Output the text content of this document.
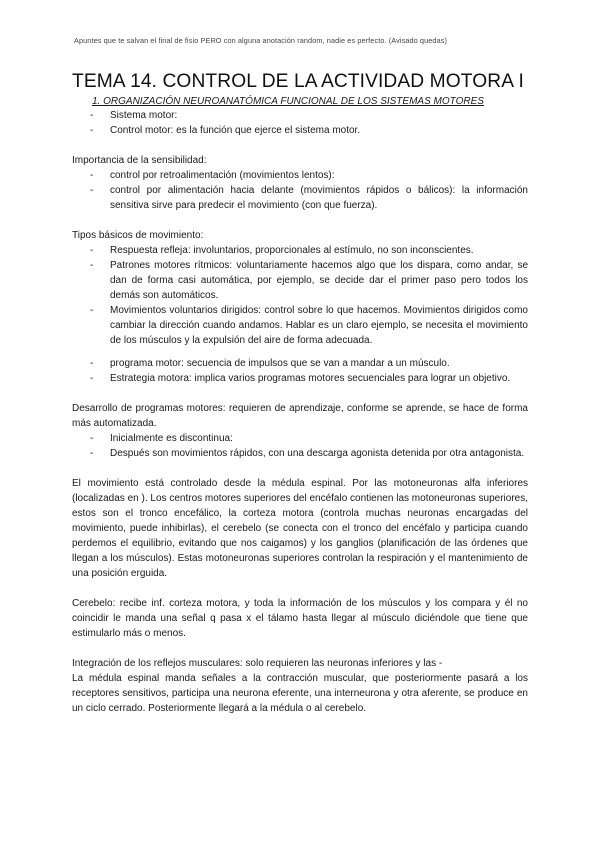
Apuntes que te salvan el final de fisio PERO con alguna anotación random, nadie es perfecto. (Avisado quedas)
TEMA 14. CONTROL DE LA ACTIVIDAD MOTORA I
1. ORGANIZACIÓN NEUROANATÓMICA FUNCIONAL DE LOS SISTEMAS MOTORES
- Sistema motor:
- Control motor: es la función que ejerce el sistema motor.

Importancia de la sensibilidad:

- control por retroalimentación (movimientos lentos):
- control por alimentación hacia delante (movimientos rápidos o bálicos): la información sensitiva sirve para predecir el movimiento (con que fuerza).

Tipos básicos de movimiento:

- Respuesta refleja: involuntarios, proporcionales al estímulo, no son inconscientes.
- Patrones motores rítmicos: voluntariamente hacemos algo que los dispara, como andar, se dan de forma casi automática, por ejemplo, se decide dar el primer paso pero todos los demás son automáticos.
- Movimientos voluntarios dirigidos: control sobre lo que hacemos. Movimientos dirigidos como cambiar la dirección cuando andamos. Hablar es un claro ejemplo, se necesita el movimiento de los músculos y la expulsión del aire de forma adecuada.
- programa motor: secuencia de impulsos que se van a mandar a un músculo.
- Estrategia motora: implica varios programas motores secuenciales para lograr un objetivo.

Desarrollo de programas motores: requieren de aprendizaje, conforme se aprende, se hace de forma más automatizada.

- Inicialmente es discontinua:
- Después son movimientos rápidos, con una descarga agonista detenida por otra antagonista.

El movimiento está controlado desde la médula espinal. Por las motoneuronas alfa inferiores (localizadas en ). Los centros motores superiores del encéfalo contienen las motoneuronas superiores, estos son el tronco encefálico, la corteza motora (controla muchas neuronas encargadas del movimiento, puede inhibirlas), el cerebelo (se conecta con el tronco del encéfalo y participa cuando perdemos el equilibrio, evitando que nos caigamos) y los ganglios (planificación de las órdenes que llegan a los músculos). Estas motoneuronas superiores controlan la respiración y el mantenimiento de una posición erguida.

Cerebelo: recibe inf. corteza motora, y toda la información de los músculos y los compara y él no coincidir le manda una señal q pasa x el tálamo hasta llegar al músculo diciéndole que tiene que estimularlo más o menos.

Integración de los reflejos musculares: solo requieren las neuronas inferiores y las -

La médula espinal manda señales a la contracción muscular, que posteriormente pasará a los receptores sensitivos, participa una neurona eferente, una interneurona y otra aferente, se produce en un ciclo cerrado. Posteriormente llegará a la médula o al cerebelo.
